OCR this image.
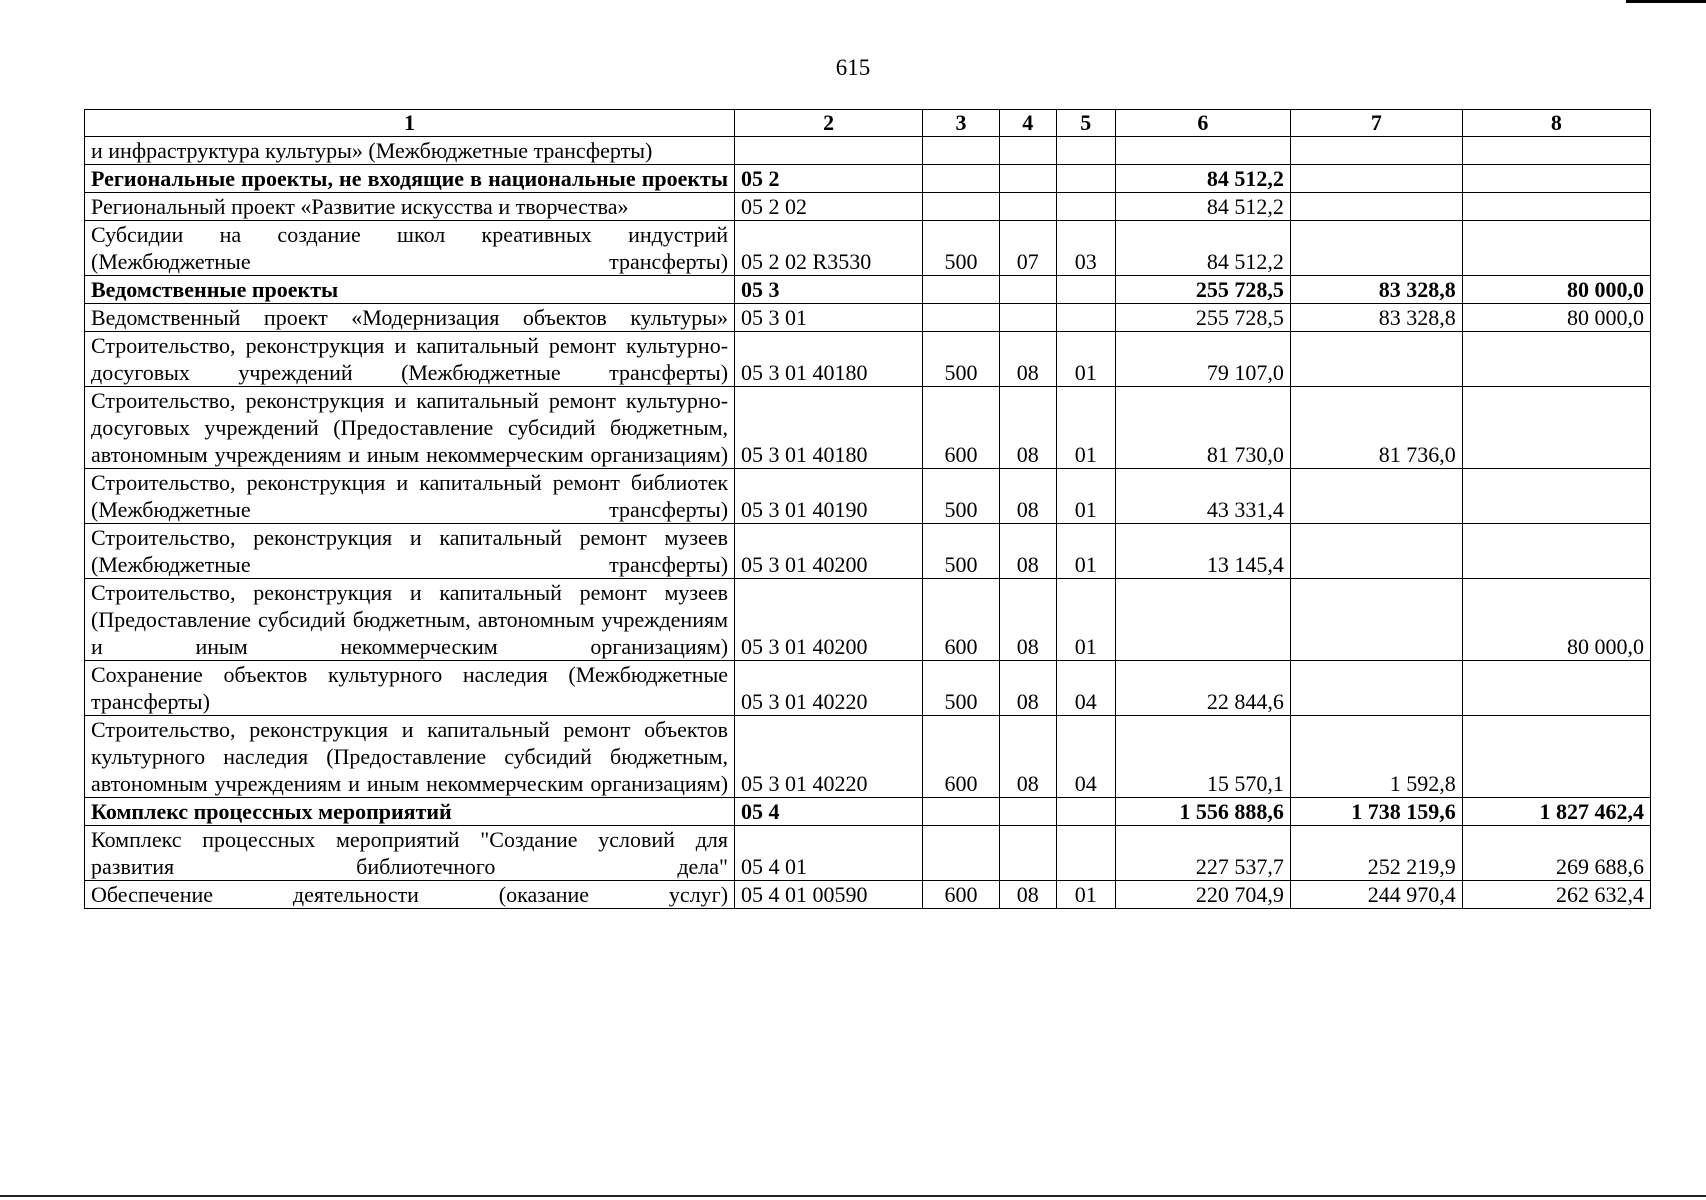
615
1	2	3	4	5	6	7	8
и инфраструктура культуры» (Межбюджетные трансферты)							
Региональные проекты, не входящие в национальные проекты	05 2				84 512,2		
Региональный проект «Развитие искусства и творчества»	05 2 02				84 512,2		
Субсидии на создание школ креативных индустрий (Межбюджетные трансферты)	05 2 02 R3530	500	07	03	84 512,2		
Ведомственные проекты	05 3				255 728,5	83 328,8	80 000,0
Ведомственный проект «Модернизация объектов культуры»	05 3 01				255 728,5	83 328,8	80 000,0
Строительство, реконструкция и капитальный ремонт культурно-досуговых учреждений (Межбюджетные трансферты)	05 3 01 40180	500	08	01	79 107,0		
Строительство, реконструкция и капитальный ремонт культурно-досуговых учреждений (Предоставление субсидий бюджетным, автономным учреждениям и иным некоммерческим организациям)	05 3 01 40180	600	08	01	81 730,0	81 736,0	
Строительство, реконструкция и капитальный ремонт библиотек (Межбюджетные трансферты)	05 3 01 40190	500	08	01	43 331,4		
Строительство, реконструкция и капитальный ремонт музеев (Межбюджетные трансферты)	05 3 01 40200	500	08	01	13 145,4		
Строительство, реконструкция и капитальный ремонт музеев (Предоставление субсидий бюджетным, автономным учреждениям и иным некоммерческим организациям)	05 3 01 40200	600	08	01			80 000,0
Сохранение объектов культурного наследия (Межбюджетные трансферты)	05 3 01 40220	500	08	04	22 844,6		
Строительство, реконструкция и капитальный ремонт объектов культурного наследия (Предоставление субсидий бюджетным, автономным учреждениям и иным некоммерческим организациям)	05 3 01 40220	600	08	04	15 570,1	1 592,8	
Комплекс процессных мероприятий	05 4				1 556 888,6	1 738 159,6	1 827 462,4
Комплекс процессных мероприятий "Создание условий для развития библиотечного дела"	05 4 01				227 537,7	252 219,9	269 688,6
Обеспечение деятельности (оказание услуг)	05 4 01 00590	600	08	01	220 704,9	244 970,4	262 632,4
